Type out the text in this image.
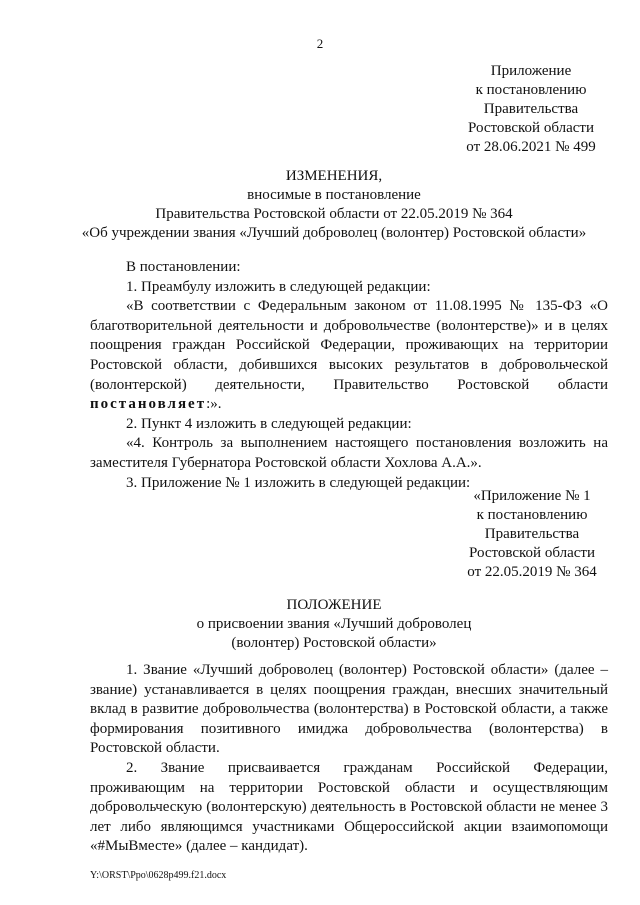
2
Приложение
к постановлению
Правительства
Ростовской области
от 28.06.2021 № 499
ИЗМЕНЕНИЯ,
вносимые в постановление
Правительства Ростовской области от 22.05.2019 № 364
«Об учреждении звания «Лучший доброволец (волонтер) Ростовской области»

В постановлении:

1. Преамбулу изложить в следующей редакции:

«В соответствии с Федеральным законом от 11.08.1995 № 135-ФЗ «О благотворительной деятельности и добровольчестве (волонтерстве)» и в целях поощрения граждан Российской Федерации, проживающих на территории Ростовской области, добившихся высоких результатов в добровольческой (волонтерской) деятельности, Правительство Ростовской области постановляет:».

2. Пункт 4 изложить в следующей редакции:

«4. Контроль за выполнением настоящего постановления возложить на заместителя Губернатора Ростовской области Хохлова А.А.».

3. Приложение № 1 изложить в следующей редакции:

«Приложение № 1
к постановлению
Правительства
Ростовской области
от 22.05.2019 № 364
ПОЛОЖЕНИЕ
о присвоении звания «Лучший доброволец
(волонтер) Ростовской области»

1. Звание «Лучший доброволец (волонтер) Ростовской области» (далее – звание) устанавливается в целях поощрения граждан, внесших значительный вклад в развитие добровольчества (волонтерства) в Ростовской области, а также формирования позитивного имиджа добровольчества (волонтерства) в Ростовской области.

2. Звание присваивается гражданам Российской Федерации, проживающим на территории Ростовской области и осуществляющим добровольческую (волонтерскую) деятельность в Ростовской области не менее 3 лет либо являющимся участниками Общероссийской акции взаимопомощи «#МыВместе» (далее – кандидат).

Y:\ORST\Ppo\0628p499.f21.docx
